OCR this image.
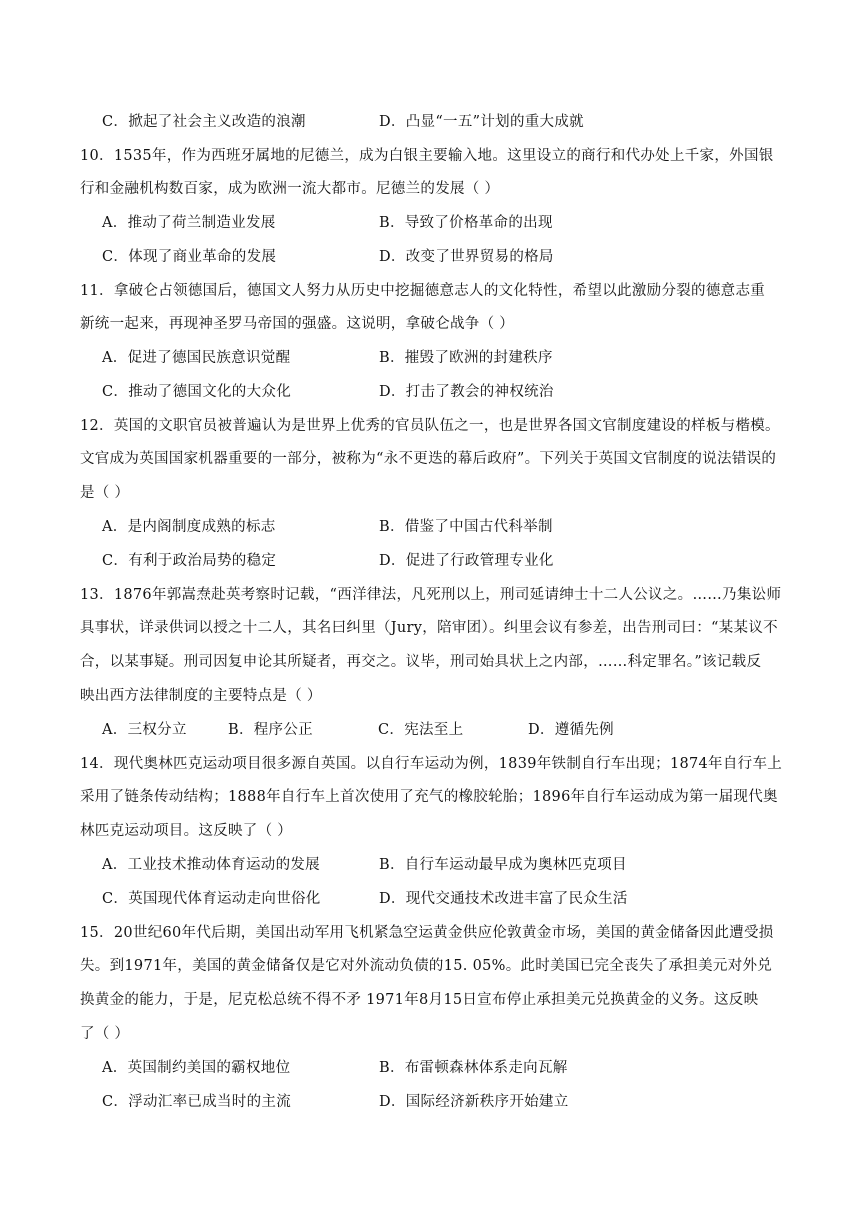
C．掀起了社会主义改造的浪潮	D．凸显“一五”计划的重大成就
10．1535年，作为西班牙属地的尼德兰，成为白银主要输入地。这里设立的商行和代办处上千家，外国银
行和金融机构数百家，成为欧洲一流大都市。尼德兰的发展（ ）
A．推动了荷兰制造业发展	B．导致了价格革命的出现
C．体现了商业革命的发展	D．改变了世界贸易的格局
11．拿破仑占领德国后，德国文人努力从历史中挖掘德意志人的文化特性，希望以此激励分裂的德意志重
新统一起来，再现神圣罗马帝国的强盛。这说明，拿破仑战争（ ）
A．促进了德国民族意识觉醒	B．摧毁了欧洲的封建秩序
C．推动了德国文化的大众化	D．打击了教会的神权统治
12．英国的文职官员被普遍认为是世界上优秀的官员队伍之一，也是世界各国文官制度建设的样板与楷模。
文官成为英国国家机器重要的一部分，被称为“永不更迭的幕后政府”。下列关于英国文官制度的说法错误的
是（ ）
A．是内阁制度成熟的标志	B．借鉴了中国古代科举制
C．有利于政治局势的稳定	D．促进了行政管理专业化
13．1876年郭嵩焘赴英考察时记载，“西洋律法，凡死刑以上，刑司延请绅士十二人公议之。……乃集讼师
具事状，详录供词以授之十二人，其名曰纠里（Jury，陪审团）。纠里会议有参差，出告刑司曰：“某某议不
合，以某事疑。刑司因复申论其所疑者，再交之。议毕，刑司始具状上之内部，……科定罪名。”该记载反
映出西方法律制度的主要特点是（ ）
A．三权分立	B．程序公正	C．宪法至上	D．遵循先例
14．现代奥林匹克运动项目很多源自英国。以自行车运动为例，1839年铁制自行车出现；1874年自行车上
采用了链条传动结构；1888年自行车上首次使用了充气的橡胶轮胎；1896年自行车运动成为第一届现代奥
林匹克运动项目。这反映了（ ）
A．工业技术推动体育运动的发展	B．自行车运动最早成为奥林匹克项目
C．英国现代体育运动走向世俗化	D．现代交通技术改进丰富了民众生活
15．20世纪60年代后期，美国出动军用飞机紧急空运黄金供应伦敦黄金市场，美国的黄金储备因此遭受损
失。到1971年，美国的黄金储备仅是它对外流动负债的15. 05%。此时美国已完全丧失了承担美元对外兑
换黄金的能力，于是，尼克松总统不得不矛 1971年8月15日宣布停止承担美元兑换黄金的义务。这反映
了（ ）
A．英国制约美国的霸权地位	B．布雷顿森林体系走向瓦解
C．浮动汇率已成当时的主流	D．国际经济新秩序开始建立
